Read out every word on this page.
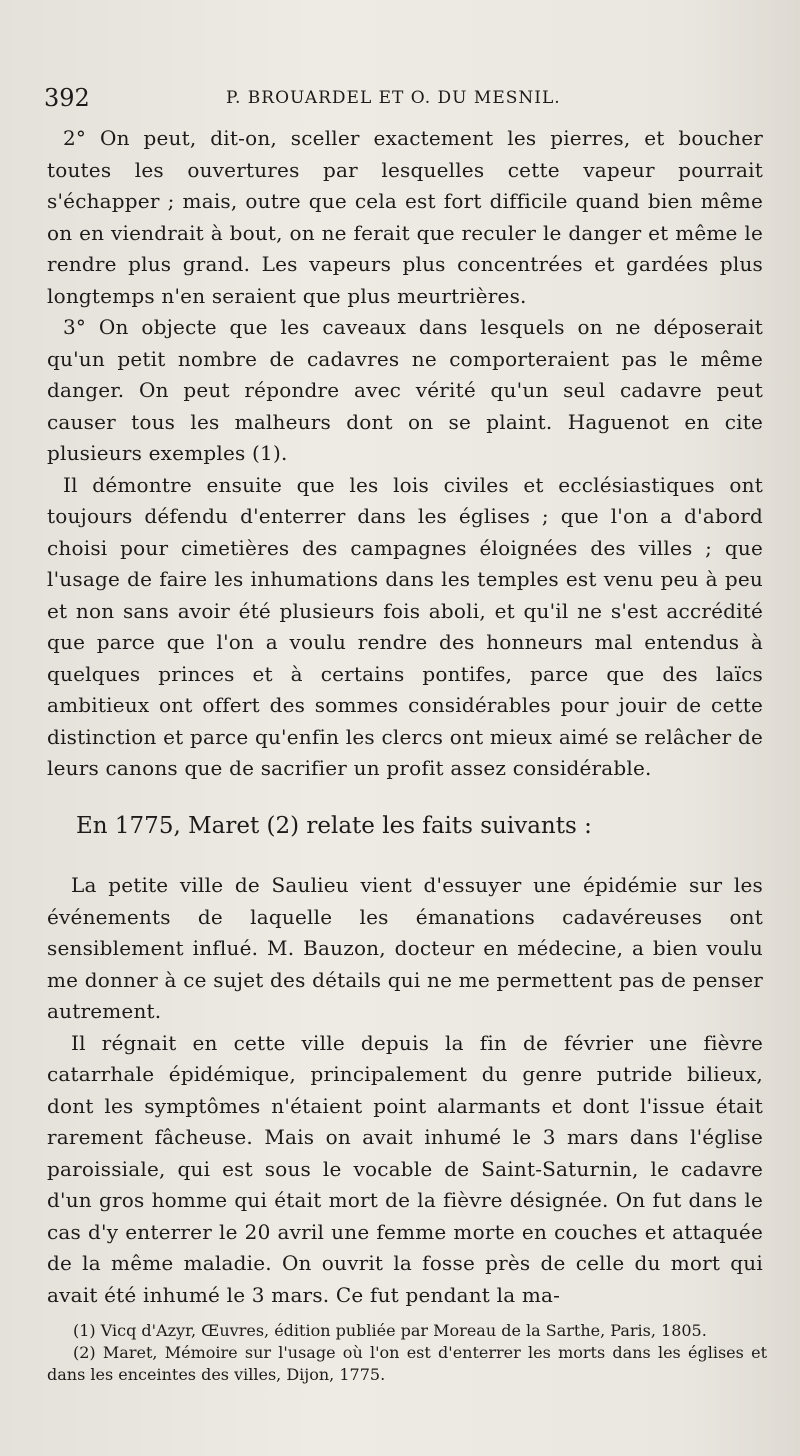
392	P. BROUARDEL ET O. DU MESNIL.

2° On peut, dit-on, sceller exactement les pierres, et boucher toutes les ouvertures par lesquelles cette vapeur pourrait s'échapper ; mais, outre que cela est fort difficile quand bien même on en viendrait à bout, on ne ferait que reculer le danger et même le rendre plus grand. Les vapeurs plus concentrées et gardées plus longtemps n'en seraient que plus meurtrières.

3° On objecte que les caveaux dans lesquels on ne déposerait qu'un petit nombre de cadavres ne comporteraient pas le même danger. On peut répondre avec vérité qu'un seul cadavre peut causer tous les malheurs dont on se plaint. Haguenot en cite plusieurs exemples (1).

Il démontre ensuite que les lois civiles et ecclésiastiques ont toujours défendu d'enterrer dans les églises ; que l'on a d'abord choisi pour cimetières des campagnes éloignées des villes ; que l'usage de faire les inhumations dans les temples est venu peu à peu et non sans avoir été plusieurs fois aboli, et qu'il ne s'est accrédité que parce que l'on a voulu rendre des honneurs mal entendus à quelques princes et à certains pontifes, parce que des laïcs ambitieux ont offert des sommes considérables pour jouir de cette distinction et parce qu'enfin les clercs ont mieux aimé se relâcher de leurs canons que de sacrifier un profit assez considérable.

En 1775, Maret (2) relate les faits suivants :

La petite ville de Saulieu vient d'essuyer une épidémie sur les événements de laquelle les émanations cadavéreuses ont sensiblement influé. M. Bauzon, docteur en médecine, a bien voulu me donner à ce sujet des détails qui ne me permettent pas de penser autrement.

Il régnait en cette ville depuis la fin de février une fièvre catarrhale épidémique, principalement du genre putride bilieux, dont les symptômes n'étaient point alarmants et dont l'issue était rarement fâcheuse. Mais on avait inhumé le 3 mars dans l'église paroissiale, qui est sous le vocable de Saint-Saturnin, le cadavre d'un gros homme qui était mort de la fièvre désignée. On fut dans le cas d'y enterrer le 20 avril une femme morte en couches et attaquée de la même maladie. On ouvrit la fosse près de celle du mort qui avait été inhumé le 3 mars. Ce fut pendant la ma-

(1) Vicq d'Azyr, Œuvres, édition publiée par Moreau de la Sarthe, Paris, 1805.

(2) Maret, Mémoire sur l'usage où l'on est d'enterrer les morts dans les églises et dans les enceintes des villes, Dijon, 1775.
